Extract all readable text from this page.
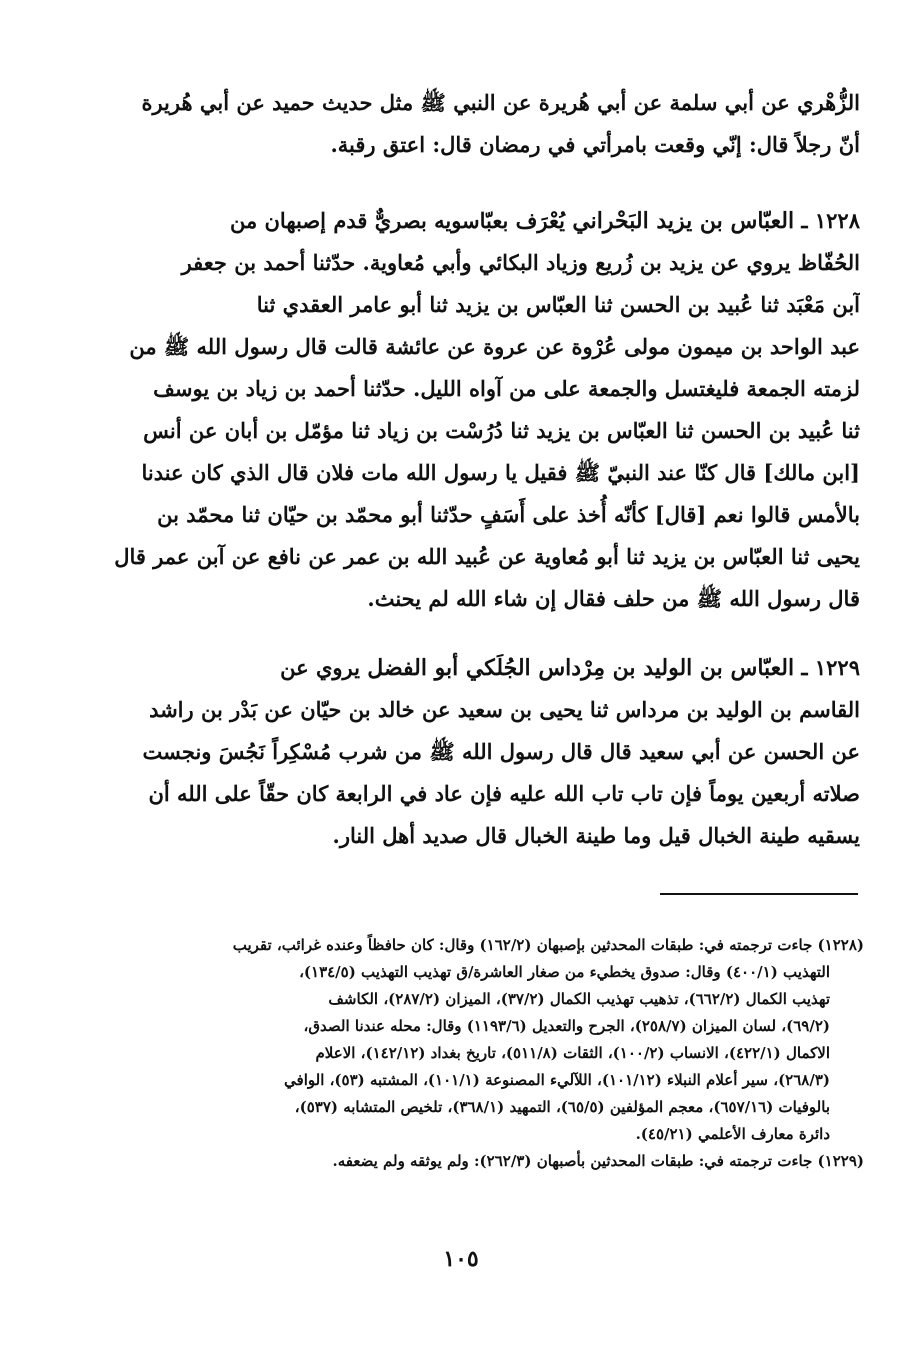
الزُّهْري عن أبي سلمة عن أبي هُريرة عن النبي ﷺ مثل حديث حميد عن أبي هُريرة
أنّ رجلاً قال: إنّي وقعت بامرأتي في رمضان قال: اعتق رقبة.
١٢٢٨ ـ العبّاس بن يزيد البَحْراني يُعْرَف بعبّاسويه بصريٌّ قدم إصبهان من
الحُفّاظ يروي عن يزيد بن زُريع وزياد البكائي وأبي مُعاوية. حدّثنا أحمد بن جعفر
آبن مَعْبَد ثنا عُبيد بن الحسن ثنا العبّاس بن يزيد ثنا أبو عامر العقدي ثنا
عبد الواحد بن ميمون مولى عُرْوة عن عروة عن عائشة قالت قال رسول الله ﷺ من
لزمته الجمعة فليغتسل والجمعة على من آواه الليل. حدّثنا أحمد بن زياد بن يوسف
ثنا عُبيد بن الحسن ثنا العبّاس بن يزيد ثنا دُرُسْت بن زياد ثنا مؤمّل بن أبان عن أنس
[ابن مالك] قال كنّا عند النبيّ ﷺ فقيل يا رسول الله مات فلان قال الذي كان عندنا
بالأمس قالوا نعم [قال] كأنّه أُخذ على أَسَفٍ حدّثنا أبو محمّد بن حيّان ثنا محمّد بن
يحيى ثنا العبّاس بن يزيد ثنا أبو مُعاوية عن عُبيد الله بن عمر عن نافع عن آبن عمر قال
قال رسول الله ﷺ من حلف فقال إن شاء الله لم يحنث.
١٢٢٩ ـ العبّاس بن الوليد بن مِرْداس الجُلَكي أبو الفضل يروي عن
القاسم بن الوليد بن مرداس ثنا يحيى بن سعيد عن خالد بن حيّان عن بَدْر بن راشد
عن الحسن عن أبي سعيد قال قال رسول الله ﷺ من شرب مُسْكِراً نَجُسَ ونجست
صلاته أربعين يوماً فإن تاب تاب الله عليه فإن عاد في الرابعة كان حقّاً على الله أن
يسقيه طينة الخبال قيل وما طينة الخبال قال صديد أهل النار.
(١٢٢٨) جاءت ترجمته في: طبقات المحدثين بإصبهان (١٦٢/٢) وقال: كان حافظاً وعنده غرائب، تقريب
التهذيب (٤٠٠/١) وقال: صدوق يخطيء من صغار العاشرة/ق تهذيب التهذيب (١٣٤/٥)،
تهذيب الكمال (٦٦٢/٢)، تذهيب تهذيب الكمال (٣٧/٢)، الميزان (٢٨٧/٢)، الكاشف
(٦٩/٢)، لسان الميزان (٢٥٨/٧)، الجرح والتعديل (١١٩٣/٦) وقال: محله عندنا الصدق،
الاكمال (٤٢٢/١)، الانساب (١٠٠/٢)، الثقات (٥١١/٨)، تاريخ بغداد (١٤٢/١٢)، الاعلام
(٢٦٨/٣)، سير أعلام النبلاء (١٠١/١٢)، اللآليء المصنوعة (١٠١/١)، المشتبه (٥٣)، الوافي
بالوفيات (٦٥٧/١٦)، معجم المؤلفين (٦٥/٥)، التمهيد (٣٦٨/١)، تلخيص المتشابه (٥٣٧)،
دائرة معارف الأعلمي (٤٥/٢١).
(١٢٢٩) جاءت ترجمته في: طبقات المحدثين بأصبهان (٢٦٢/٣): ولم يوثقه ولم يضعفه.
١٠٥
